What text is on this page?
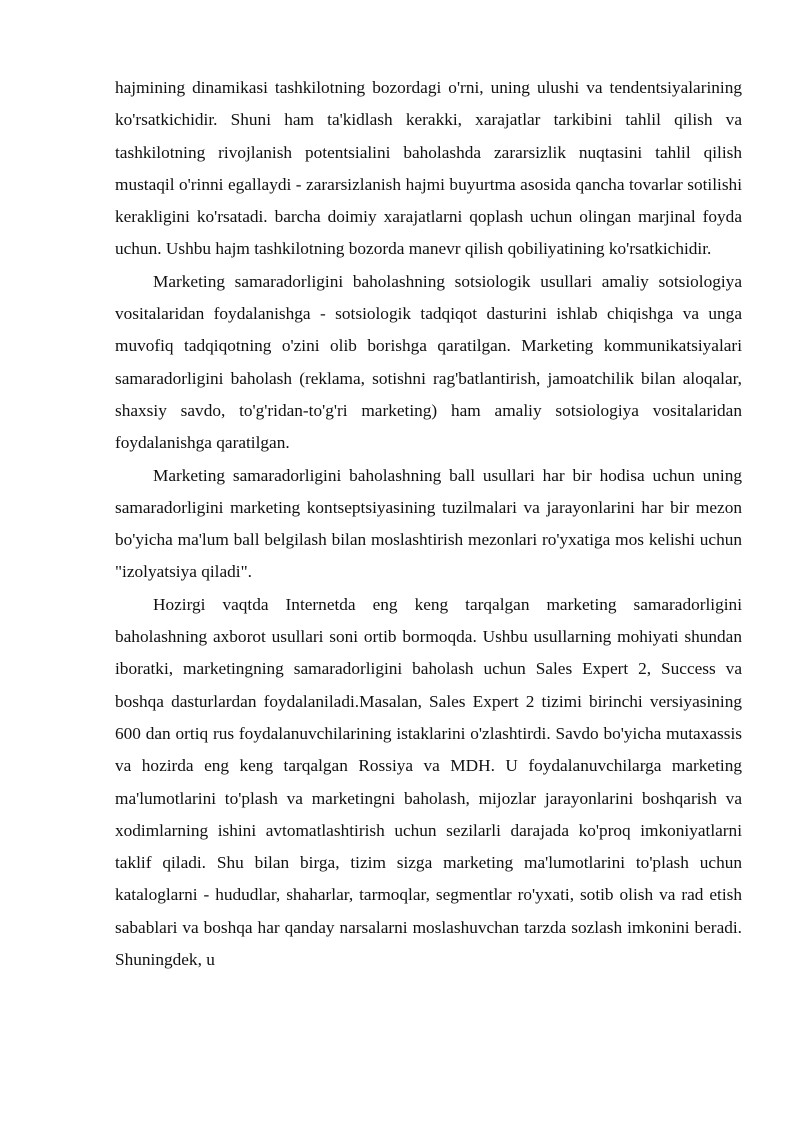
hajmining dinamikasi tashkilotning bozordagi o'rni, uning ulushi va tendentsiyalarining ko'rsatkichidir. Shuni ham ta'kidlash kerakki, xarajatlar tarkibini tahlil qilish va tashkilotning rivojlanish potentsialini baholashda zararsizlik nuqtasini tahlil qilish mustaqil o'rinni egallaydi - zararsizlanish hajmi buyurtma asosida qancha tovarlar sotilishi kerakligini ko'rsatadi. barcha doimiy xarajatlarni qoplash uchun olingan marjinal foyda uchun. Ushbu hajm tashkilotning bozorda manevr qilish qobiliyatining ko'rsatkichidir.

Marketing samaradorligini baholashning sotsiologik usullari amaliy sotsiologiya vositalaridan foydalanishga - sotsiologik tadqiqot dasturini ishlab chiqishga va unga muvofiq tadqiqotning o'zini olib borishga qaratilgan. Marketing kommunikatsiyalari samaradorligini baholash (reklama, sotishni rag'batlantirish, jamoatchilik bilan aloqalar, shaxsiy savdo, to'g'ridan-to'g'ri marketing) ham amaliy sotsiologiya vositalaridan foydalanishga qaratilgan.

Marketing samaradorligini baholashning ball usullari har bir hodisa uchun uning samaradorligini marketing kontseptsiyasining tuzilmalari va jarayonlarini har bir mezon bo'yicha ma'lum ball belgilash bilan moslashtirish mezonlari ro'yxatiga mos kelishi uchun "izolyatsiya qiladi".

Hozirgi vaqtda Internetda eng keng tarqalgan marketing samaradorligini baholashning axborot usullari soni ortib bormoqda. Ushbu usullarning mohiyati shundan iboratki, marketingning samaradorligini baholash uchun Sales Expert 2, Success va boshqa dasturlardan foydalaniladi.Masalan, Sales Expert 2 tizimi birinchi versiyasining 600 dan ortiq rus foydalanuvchilarining istaklarini o'zlashtirdi. Savdo bo'yicha mutaxassis va hozirda eng keng tarqalgan Rossiya va MDH. U foydalanuvchilarga marketing ma'lumotlarini to'plash va marketingni baholash, mijozlar jarayonlarini boshqarish va xodimlarning ishini avtomatlashtirish uchun sezilarli darajada ko'proq imkoniyatlarni taklif qiladi. Shu bilan birga, tizim sizga marketing ma'lumotlarini to'plash uchun kataloglarni - hududlar, shaharlar, tarmoqlar, segmentlar ro'yxati, sotib olish va rad etish sabablari va boshqa har qanday narsalarni moslashuvchan tarzda sozlash imkonini beradi. Shuningdek, u
